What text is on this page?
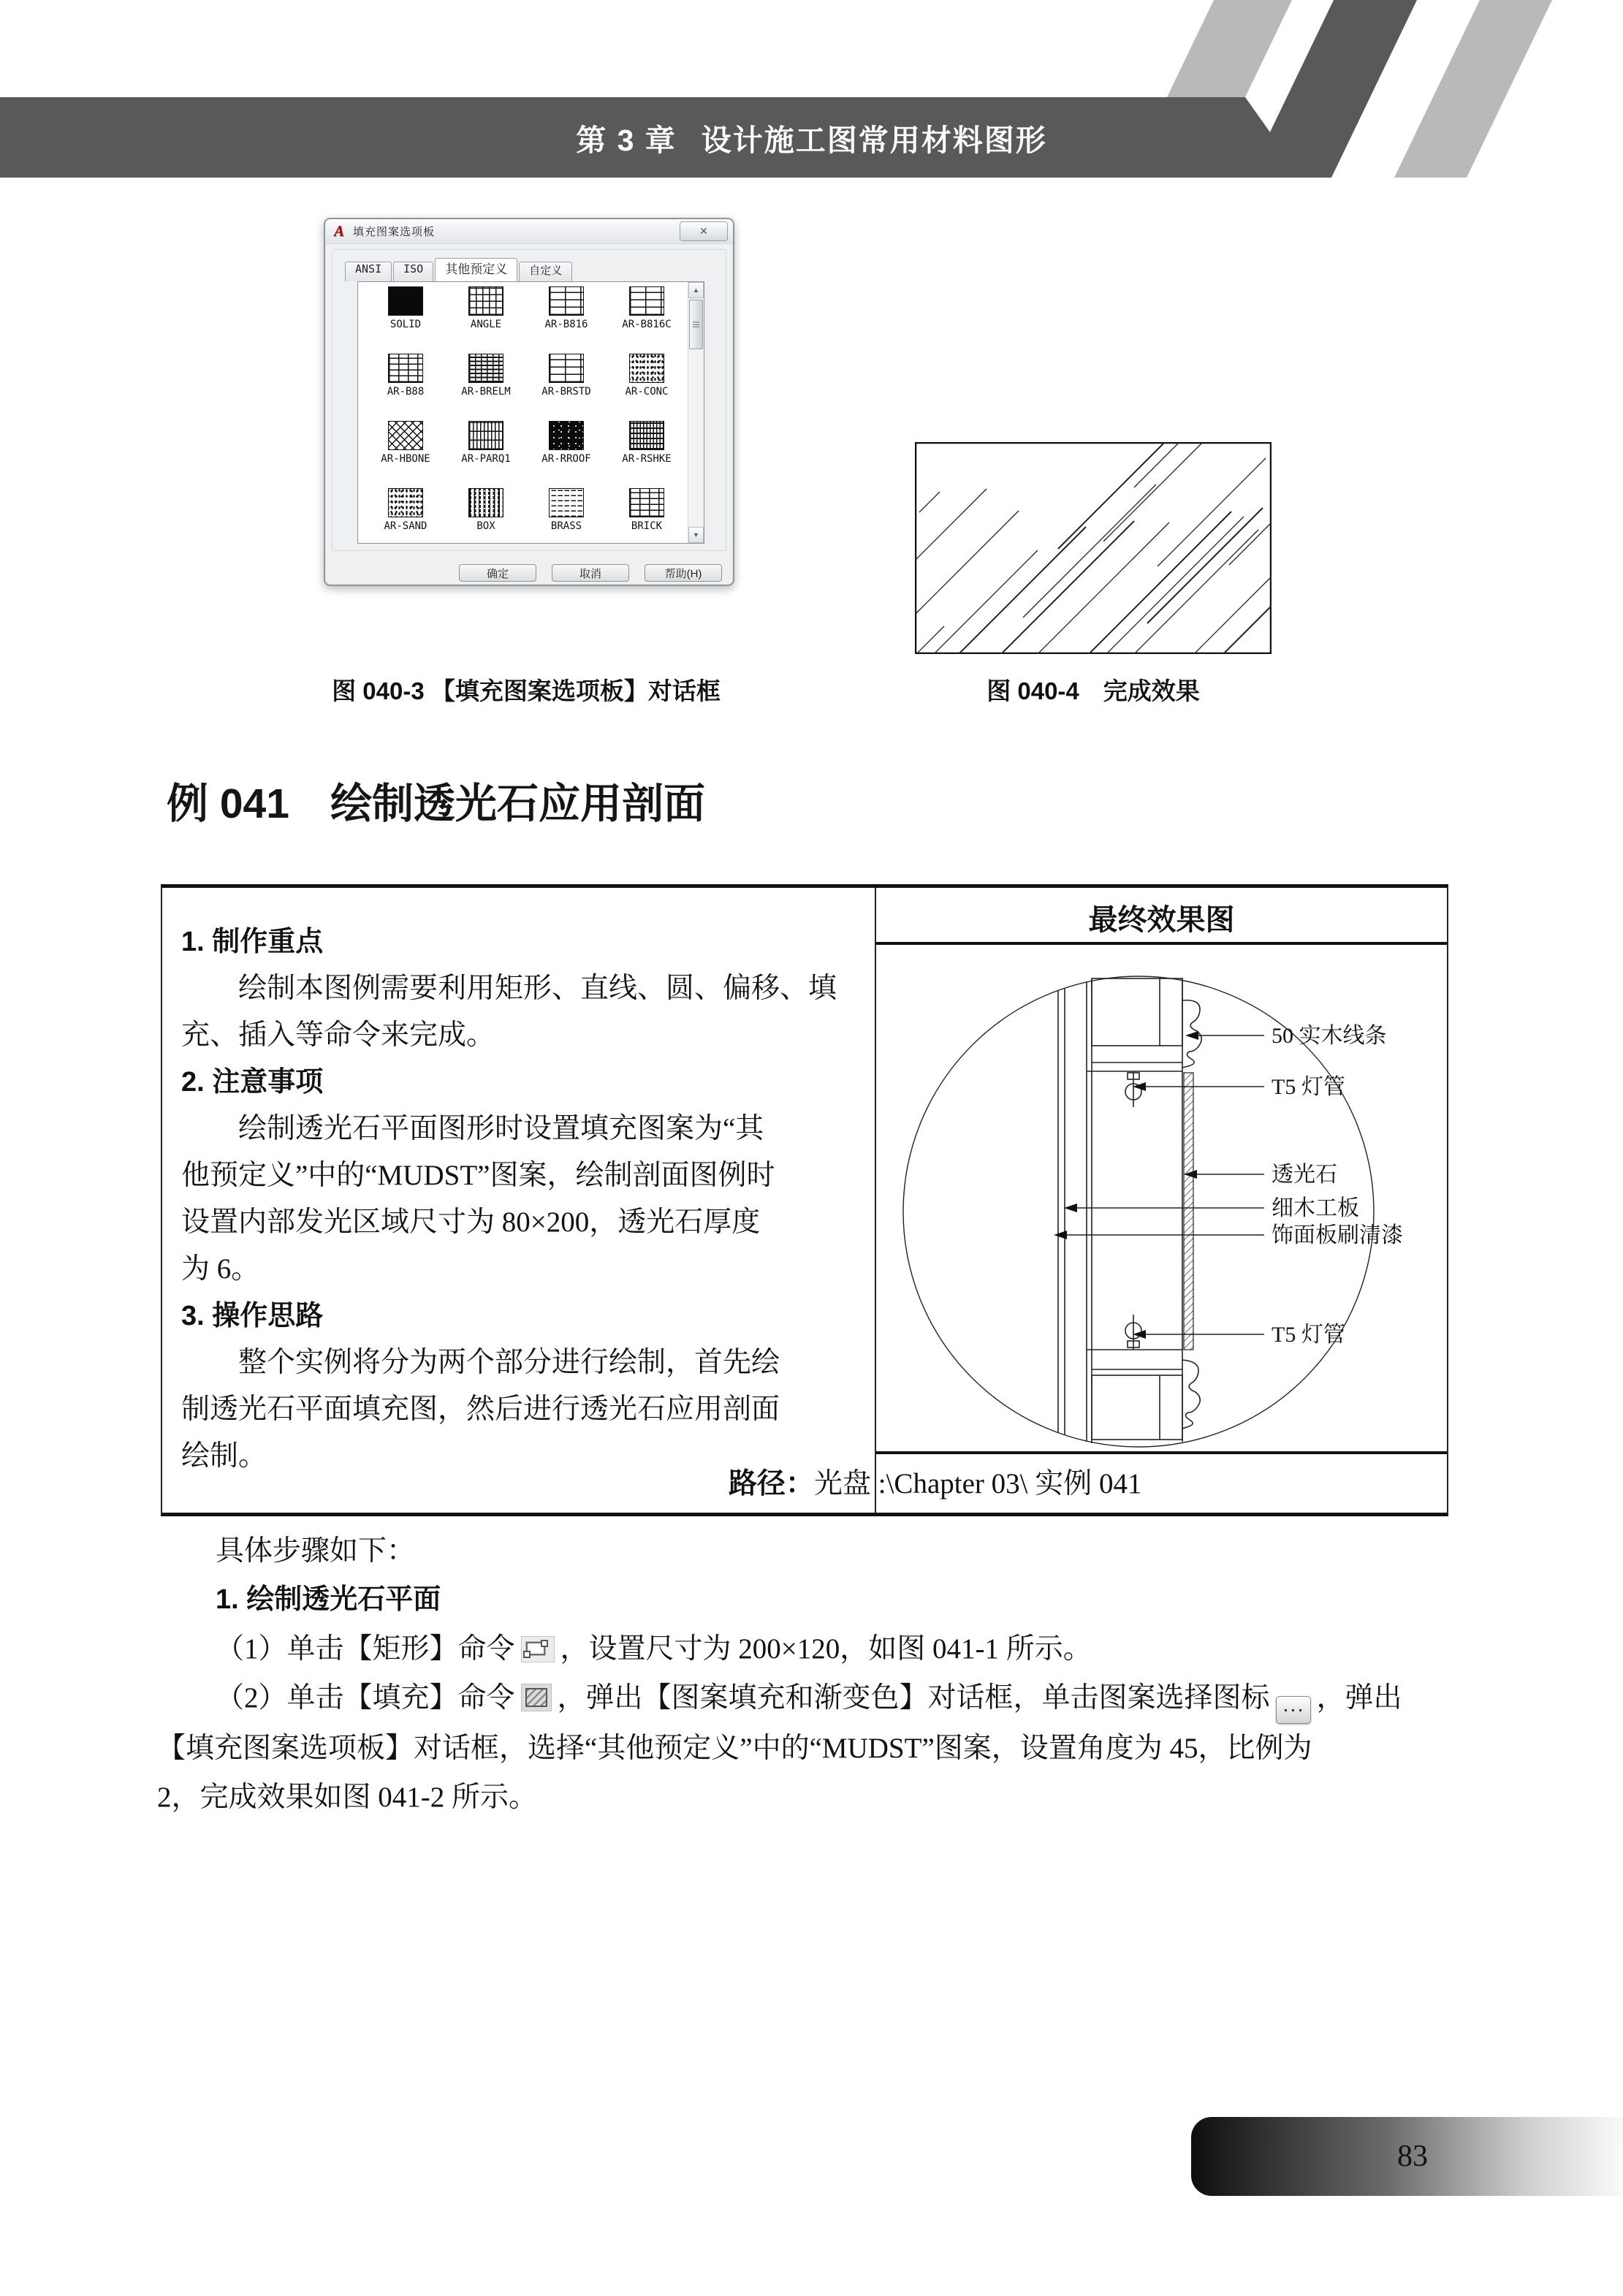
第 3 章 设计施工图常用材料图形
A 填充图案选项板	✕
ANSI	ISO	其他预定义	自定义
SOLID	ANGLE	AR-B816	AR-B816C
AR-B88	AR-BRELM	AR-BRSTD	AR-CONC
AR-HBONE	AR-PARQ1	AR-RROOF	AR-RSHKE
AR-SAND	BOX	BRASS	BRICK
▲
▼
确定	取消	帮助(H)
图 040-3 【填充图案选项板】对话框	图 040-4　完成效果
例 041 绘制透光石应用剖面
1. 制作重点
绘制本图例需要利用矩形、直线、圆、偏移、填
充、插入等命令来完成。
2. 注意事项
绘制透光石平面图形时设置填充图案为“其
他预定义”中的“MUDST”图案，绘制剖面图例时
设置内部发光区域尺寸为 80×200，透光石厚度
为 6。
3. 操作思路
整个实例将分为两个部分进行绘制，首先绘
制透光石平面填充图，然后进行透光石应用剖面
绘制。
最终效果图
50 实木线条
T5 灯管
透光石
细木工板
饰面板刷清漆
T5 灯管
路径：光盘 :\Chapter 03\ 实例 041
具体步骤如下：
1. 绘制透光石平面
（1）单击【矩形】命令 ，设置尺寸为 200×120，如图 041-1 所示。
（2）单击【填充】命令 ，弹出【图案填充和渐变色】对话框，单击图案选择图标 … ，弹出
【填充图案选项板】对话框，选择“其他预定义”中的“MUDST”图案，设置角度为 45，比例为
2，完成效果如图 041-2 所示。
83
